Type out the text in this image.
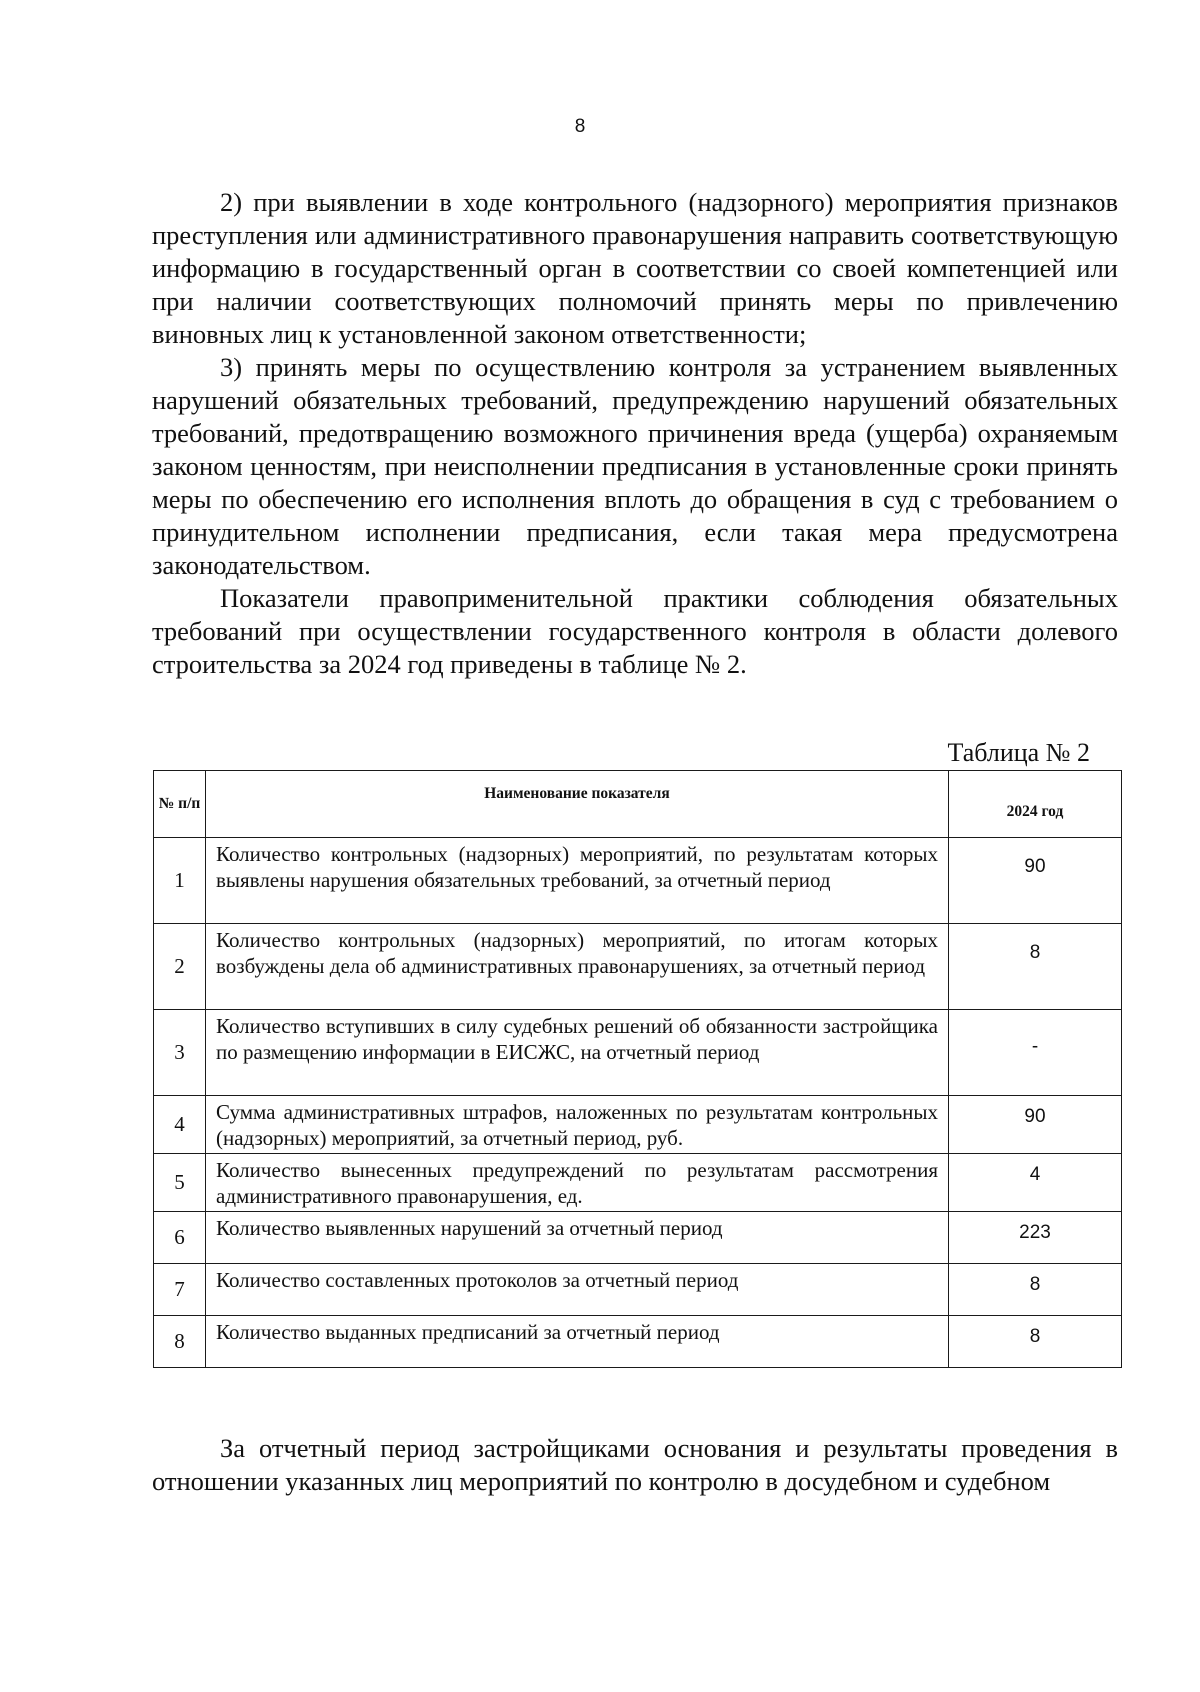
8

2) при выявлении в ходе контрольного (надзорного) мероприятия признаков преступления или административного правонарушения направить соответствующую информацию в государственный орган в соответствии со своей компетенцией или при наличии соответствующих полномочий принять меры по привлечению виновных лиц к установленной законом ответственности;

3) принять меры по осуществлению контроля за устранением выявленных нарушений обязательных требований, предупреждению нарушений обязательных требований, предотвращению возможного причинения вреда (ущерба) охраняемым законом ценностям, при неисполнении предписания в установленные сроки принять меры по обеспечению его исполнения вплоть до обращения в суд с требованием о принудительном исполнении предписания, если такая мера предусмотрена законодательством.

Показатели правоприменительной практики соблюдения обязательных требований при осуществлении государственного контроля в области долевого строительства за 2024 год приведены в таблице № 2.

Таблица № 2
№ п/п	Наименование показателя	2024 год
1	Количество контрольных (надзорных) мероприятий, по результатам которых выявлены нарушения обязательных требований, за отчетный период	90
2	Количество контрольных (надзорных) мероприятий, по итогам которых возбуждены дела об административных правонарушениях, за отчетный период	8
3	Количество вступивших в силу судебных решений об обязанности застройщика по размещению информации в ЕИСЖС, на отчетный период	-
4	Сумма административных штрафов, наложенных по результатам контрольных (надзорных) мероприятий, за отчетный период, руб.	90
5	Количество вынесенных предупреждений по результатам рассмотрения административного правонарушения, ед.	4
6	Количество выявленных нарушений за отчетный период	223
7	Количество составленных протоколов за отчетный период	8
8	Количество выданных предписаний за отчетный период	8

За отчетный период застройщиками основания и результаты проведения в отношении указанных лиц мероприятий по контролю в досудебном и судебном
